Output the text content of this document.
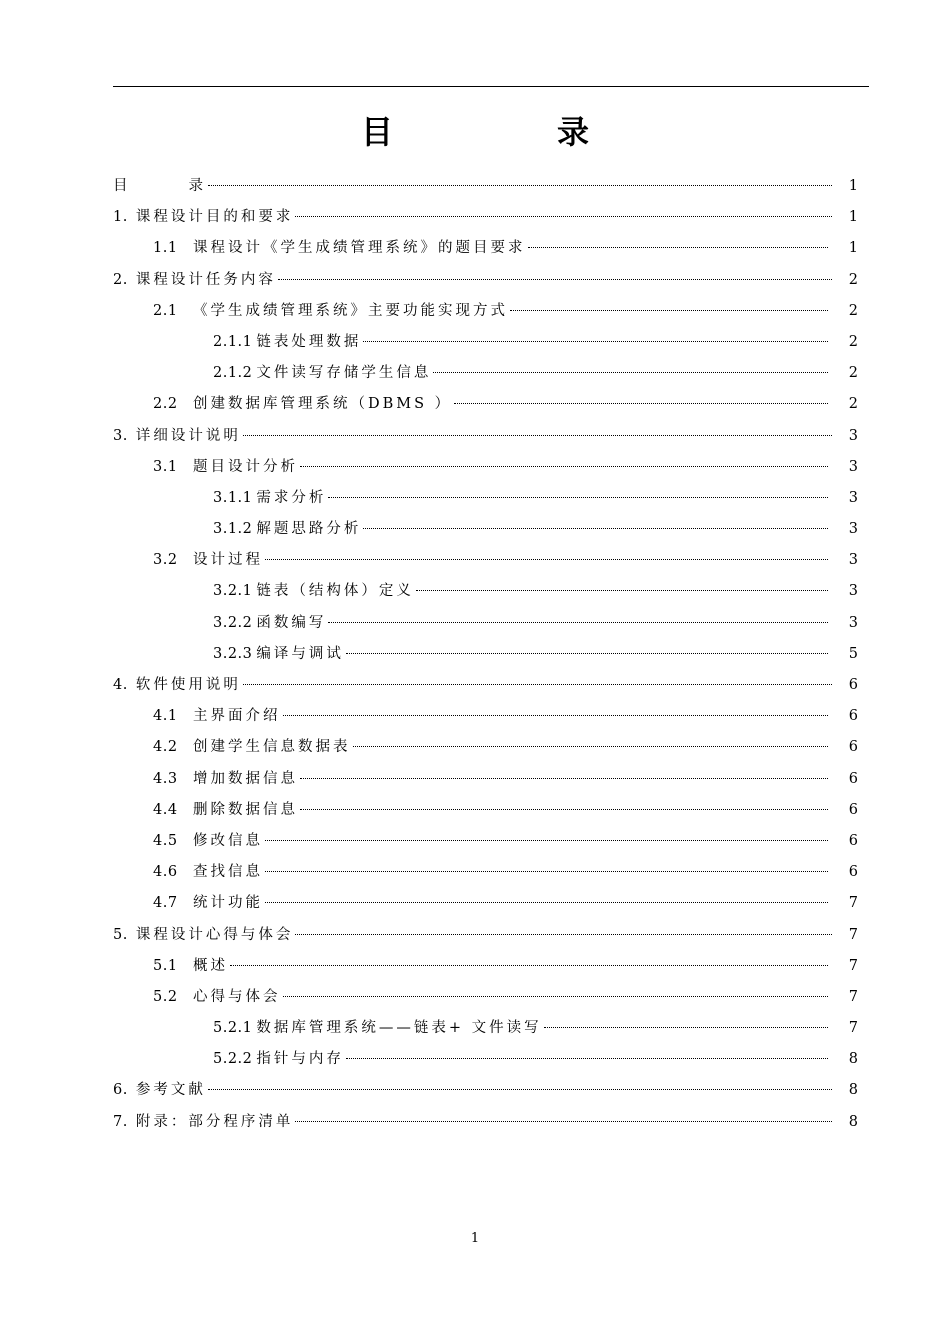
目　录
目 　　　录	1
1. 课程设计目的和要求	1
1.1	课程设计《学生成绩管理系统》的题目要求	1
2. 课程设计任务内容	2
2.1	《学生成绩管理系统》主要功能实现方式	2
2.1.1 链表处理数据	2
2.1.2 文件读写存储学生信息	2
2.2	创建数据库管理系统（DBMS ）	2
3. 详细设计说明	3
3.1	题目设计分析	3
3.1.1 需求分析	3
3.1.2 解题思路分析	3
3.2	设计过程	3
3.2.1 链表（结构体）定义	3
3.2.2 函数编写	3
3.2.3 编译与调试	5
4. 软件使用说明	6
4.1	主界面介绍	6
4.2	创建学生信息数据表	6
4.3	增加数据信息	6
4.4	删除数据信息	6
4.5	修改信息	6
4.6	查找信息	6
4.7	统计功能	7
5. 课程设计心得与体会	7
5.1	概述	7
5.2	心得与体会	7
5.2.1 数据库管理系统——链表+ 文件读写	7
5.2.2 指针与内存	8
6. 参考文献	8
7. 附录：部分程序清单	8
1
